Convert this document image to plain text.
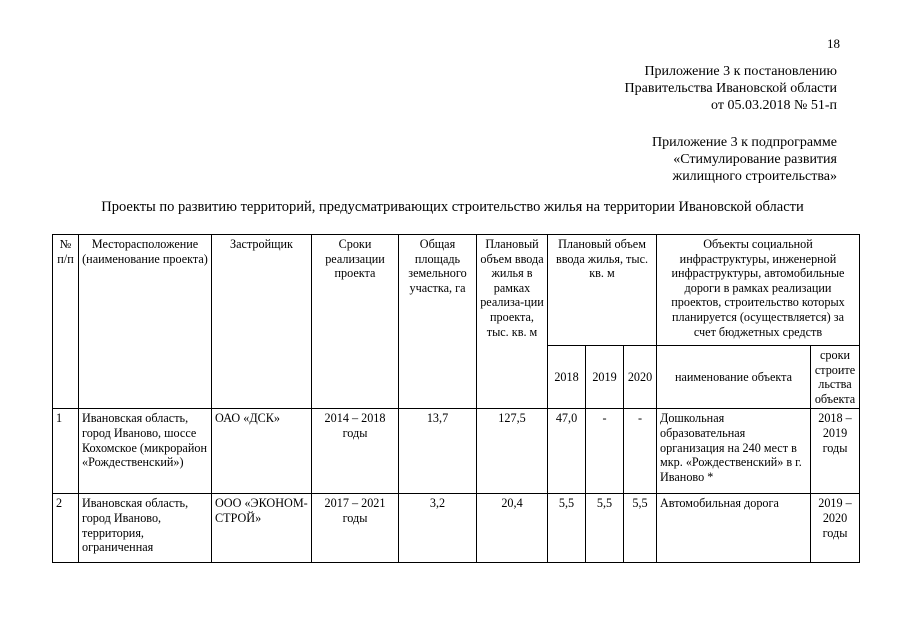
18
Приложение 3 к постановлению
Правительства Ивановской области
от 05.03.2018 № 51-п
Приложение 3 к подпрограмме
«Стимулирование развития
жилищного строительства»
Проекты по развитию территорий, предусматривающих строительство жилья на территории Ивановской области
№ п/п	Месторасположение (наименование проекта)	Застройщик	Сроки реализации проекта	Общая площадь земельного участка, га	Плановый объем ввода жилья в рамках реализа-ции проекта, тыс. кв. м	Плановый объем ввода жилья, тыс. кв. м			Объекты социальной инфраструктуры, инженерной инфраструктуры, автомобильные дороги в рамках реализации проектов, строительство которых планируется (осуществляется) за счет бюджетных средств	
						2018	2019	2020	наименование объекта	сроки строите льства объекта
1	Ивановская область, город Иваново, шоссе Кохомское (микрорайон «Рождественский»)	ОАО «ДСК»	2014 – 2018 годы	13,7	127,5	47,0	-	-	Дошкольная образовательная организация на 240 мест в мкр. «Рождественский» в г. Иваново *	2018 – 2019 годы
2	Ивановская область, город Иваново, территория, ограниченная	ООО «ЭКОНОМ-СТРОЙ»	2017 – 2021 годы	3,2	20,4	5,5	5,5	5,5	Автомобильная дорога	2019 – 2020 годы
